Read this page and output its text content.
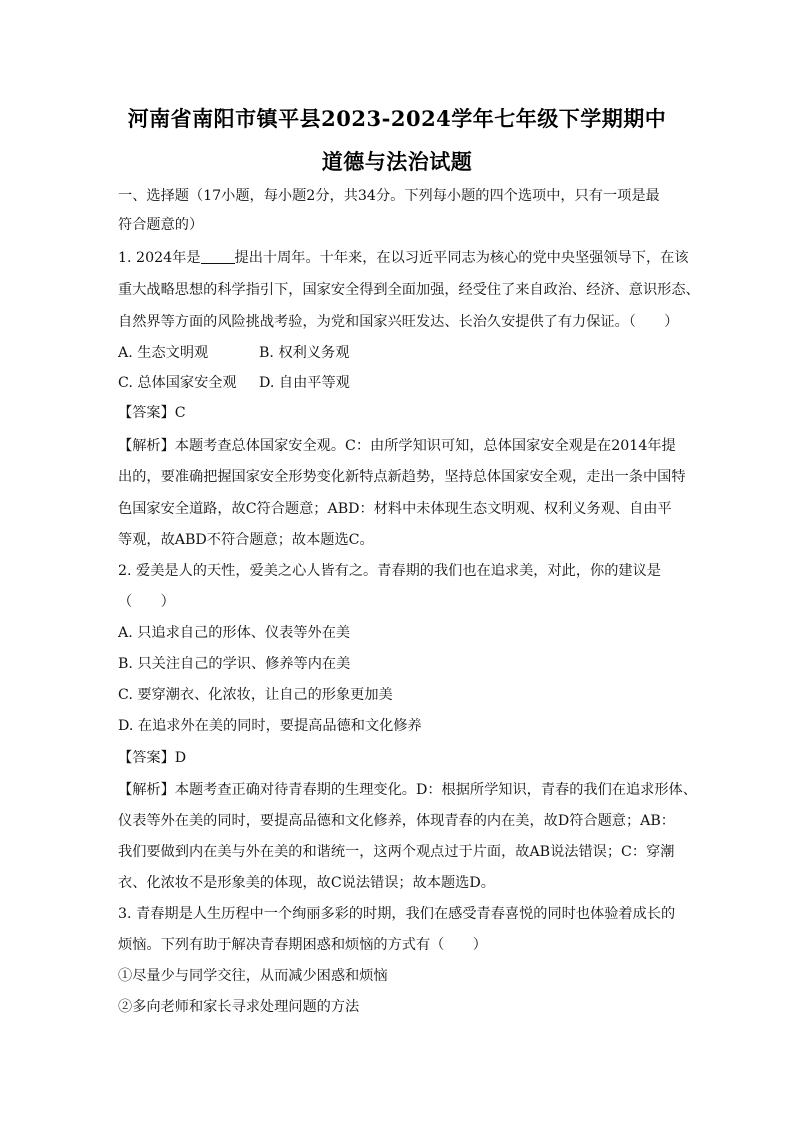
河南省南阳市镇平县2023-2024学年七年级下学期期中
道德与法治试题
一、选择题（17小题，每小题2分，共34分。下列每小题的四个选项中，只有一项是最
符合题意的）
1. 2024年是 提出十周年。十年来，在以习近平同志为核心的党中央坚强领导下，在该
重大战略思想的科学指引下，国家安全得到全面加强，经受住了来自政治、经济、意识形态、
自然界等方面的风险挑战考验，为党和国家兴旺发达、长治久安提供了有力保证。（　　）
A. 生态文明观	B. 权利义务观
C. 总体国家安全观 D. 自由平等观
【答案】C
【解析】本题考查总体国家安全观。C：由所学知识可知，总体国家安全观是在2014年提
出的，要准确把握国家安全形势变化新特点新趋势，坚持总体国家安全观，走出一条中国特
色国家安全道路，故C符合题意；ABD：材料中未体现生态文明观、权利义务观、自由平
等观，故ABD不符合题意；故本题选C。
2. 爱美是人的天性，爱美之心人皆有之。青春期的我们也在追求美，对此，你的建议是
（　　）
A. 只追求自己的形体、仪表等外在美
B. 只关注自己的学识、修养等内在美
C. 要穿潮衣、化浓妆，让自己的形象更加美
D. 在追求外在美的同时，要提高品德和文化修养
【答案】D
【解析】本题考查正确对待青春期的生理变化。D：根据所学知识，青春的我们在追求形体、
仪表等外在美的同时，要提高品德和文化修养，体现青春的内在美，故D符合题意；AB：
我们要做到内在美与外在美的和谐统一，这两个观点过于片面，故AB说法错误；C：穿潮
衣、化浓妆不是形象美的体现，故C说法错误；故本题选D。
3. 青春期是人生历程中一个绚丽多彩的时期，我们在感受青春喜悦的同时也体验着成长的
烦恼。下列有助于解决青春期困惑和烦恼的方式有（　　）
①尽量少与同学交往，从而减少困惑和烦恼
②多向老师和家长寻求处理问题的方法
